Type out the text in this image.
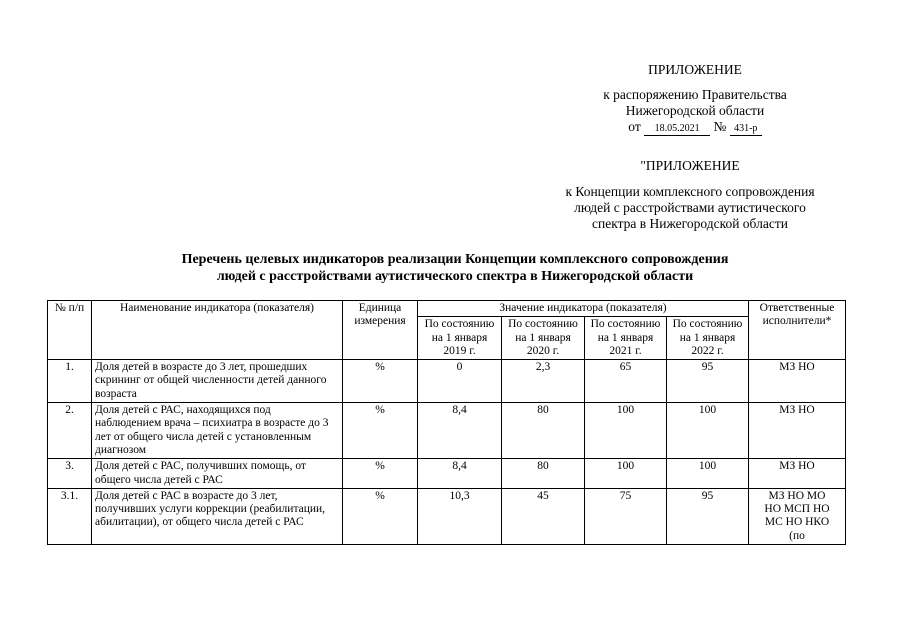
ПРИЛОЖЕНИЕ
к распоряжению Правительства
Нижегородской области
от 18.05.2021 № 431-р
"ПРИЛОЖЕНИЕ
к Концепции комплексного сопровождения
людей с расстройствами аутистического
спектра в Нижегородской области
Перечень целевых индикаторов реализации Концепции комплексного сопровождения
людей с расстройствами аутистического спектра в Нижегородской области
№ п/п	Наименование индикатора (показателя)	Единица измерения	Значение индикатора (показателя)				Ответственные исполнители*
			По состоянию на 1 января 2019 г.	По состоянию на 1 января 2020 г.	По состоянию на 1 января 2021 г.	По состоянию на 1 января 2022 г.	
1.	Доля детей в возрасте до 3 лет, прошедших скрининг от общей численности детей данного возраста	%	0	2,3	65	95	МЗ НО
2.	Доля детей с РАС, находящихся под наблюдением врача – психиатра в возрасте до 3 лет от общего числа детей с установленным диагнозом	%	8,4	80	100	100	МЗ НО
3.	Доля детей с РАС, получивших помощь, от общего числа детей с РАС	%	8,4	80	100	100	МЗ НО
3.1.	Доля детей с РАС в возрасте до 3 лет, получивших услуги коррекции (реабилитации, абилитации), от общего числа детей с РАС	%	10,3	45	75	95	МЗ НО МО НО МСП НО МС НО НКО (по
